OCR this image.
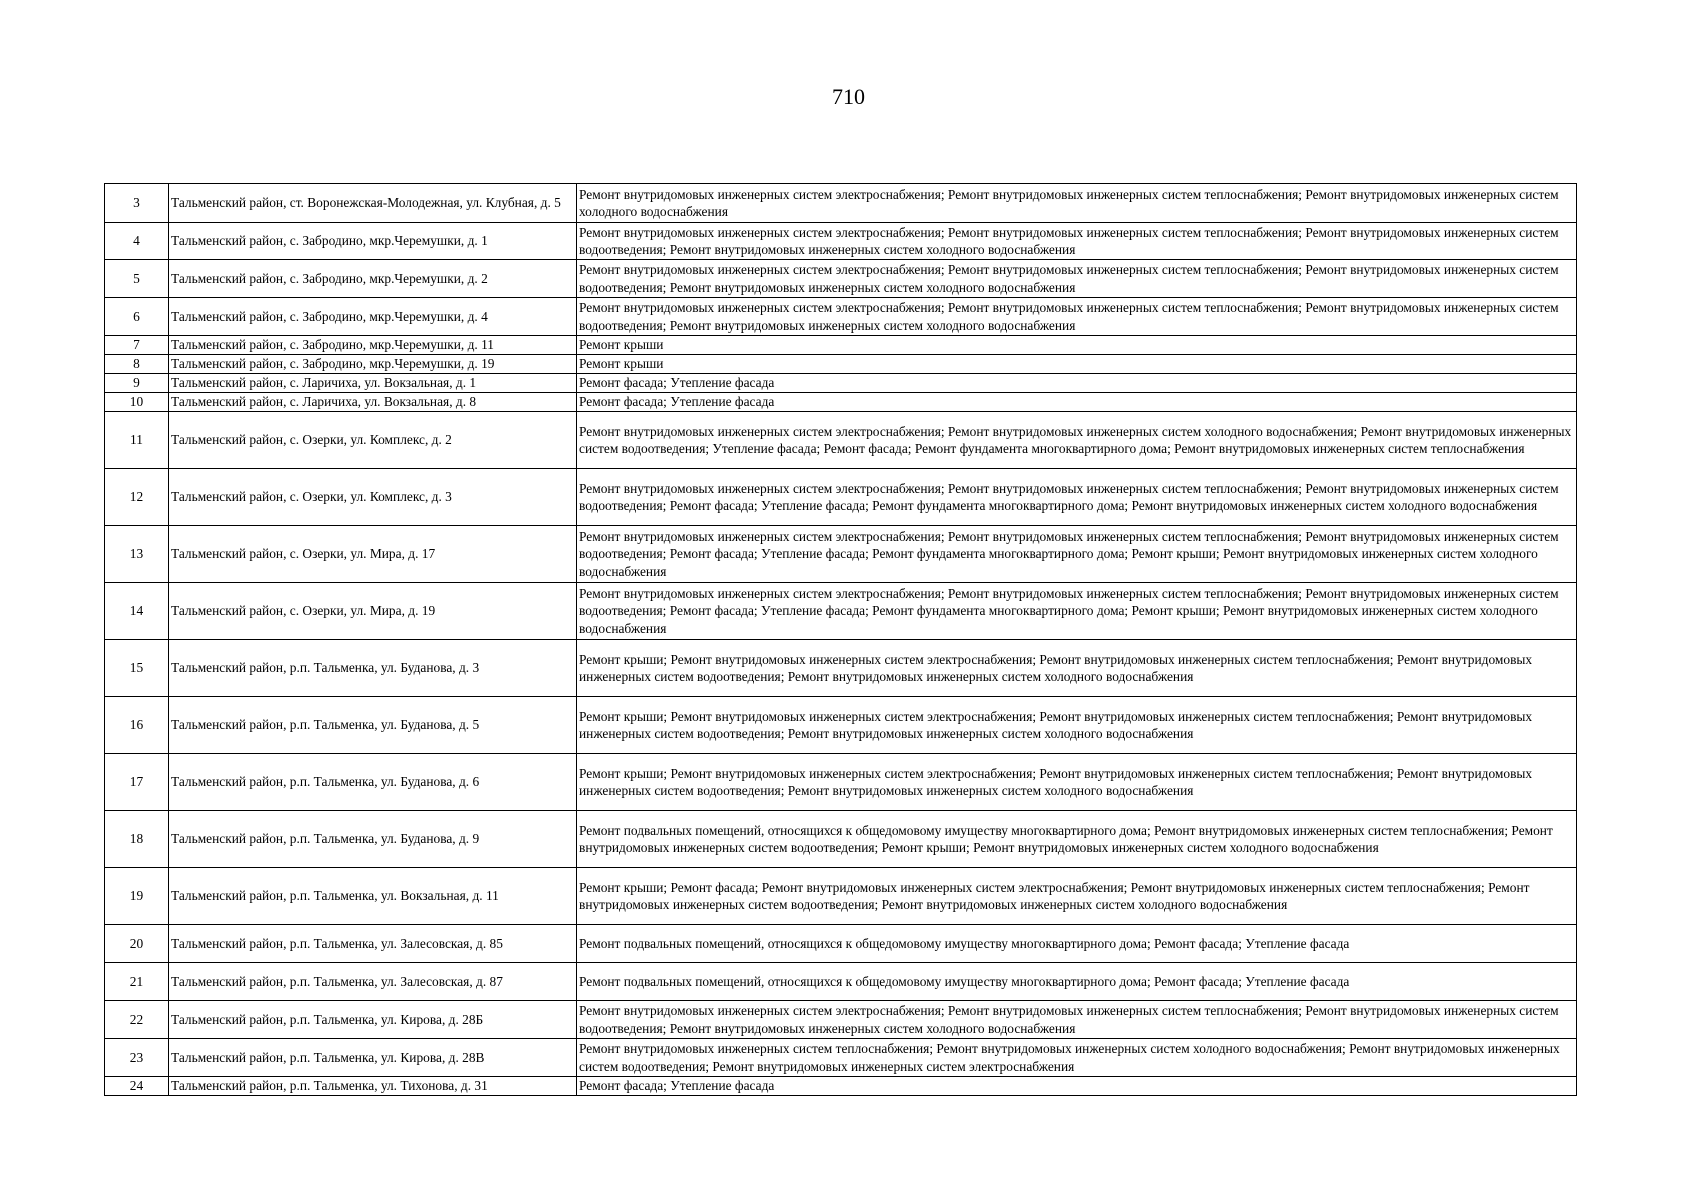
710
3	Тальменский район, ст. Воронежская-Молодежная, ул. Клубная, д. 5	Ремонт внутридомовых инженерных систем электроснабжения; Ремонт внутридомовых инженерных систем теплоснабжения; Ремонт внутридомовых инженерных систем холодного водоснабжения
4	Тальменский район, с. Забродино, мкр.Черемушки, д. 1	Ремонт внутридомовых инженерных систем электроснабжения; Ремонт внутридомовых инженерных систем теплоснабжения; Ремонт внутридомовых инженерных систем водоотведения; Ремонт внутридомовых инженерных систем холодного водоснабжения
5	Тальменский район, с. Забродино, мкр.Черемушки, д. 2	Ремонт внутридомовых инженерных систем электроснабжения; Ремонт внутридомовых инженерных систем теплоснабжения; Ремонт внутридомовых инженерных систем водоотведения; Ремонт внутридомовых инженерных систем холодного водоснабжения
6	Тальменский район, с. Забродино, мкр.Черемушки, д. 4	Ремонт внутридомовых инженерных систем электроснабжения; Ремонт внутридомовых инженерных систем теплоснабжения; Ремонт внутридомовых инженерных систем водоотведения; Ремонт внутридомовых инженерных систем холодного водоснабжения
7	Тальменский район, с. Забродино, мкр.Черемушки, д. 11	Ремонт крыши
8	Тальменский район, с. Забродино, мкр.Черемушки, д. 19	Ремонт крыши
9	Тальменский район, с. Ларичиха, ул. Вокзальная, д. 1	Ремонт фасада; Утепление фасада
10	Тальменский район, с. Ларичиха, ул. Вокзальная, д. 8	Ремонт фасада; Утепление фасада
11	Тальменский район, с. Озерки, ул. Комплекс, д. 2	Ремонт внутридомовых инженерных систем электроснабжения; Ремонт внутридомовых инженерных систем холодного водоснабжения; Ремонт внутридомовых инженерных систем водоотведения; Утепление фасада; Ремонт фасада; Ремонт фундамента многоквартирного дома; Ремонт внутридомовых инженерных систем теплоснабжения
12	Тальменский район, с. Озерки, ул. Комплекс, д. 3	Ремонт внутридомовых инженерных систем электроснабжения; Ремонт внутридомовых инженерных систем теплоснабжения; Ремонт внутридомовых инженерных систем водоотведения; Ремонт фасада; Утепление фасада; Ремонт фундамента многоквартирного дома; Ремонт внутридомовых инженерных систем холодного водоснабжения
13	Тальменский район, с. Озерки, ул. Мира, д. 17	Ремонт внутридомовых инженерных систем электроснабжения; Ремонт внутридомовых инженерных систем теплоснабжения; Ремонт внутридомовых инженерных систем водоотведения; Ремонт фасада; Утепление фасада; Ремонт фундамента многоквартирного дома; Ремонт крыши; Ремонт внутридомовых инженерных систем холодного водоснабжения
14	Тальменский район, с. Озерки, ул. Мира, д. 19	Ремонт внутридомовых инженерных систем электроснабжения; Ремонт внутридомовых инженерных систем теплоснабжения; Ремонт внутридомовых инженерных систем водоотведения; Ремонт фасада; Утепление фасада; Ремонт фундамента многоквартирного дома; Ремонт крыши; Ремонт внутридомовых инженерных систем холодного водоснабжения
15	Тальменский район, р.п. Тальменка, ул. Буданова, д. 3	Ремонт крыши; Ремонт внутридомовых инженерных систем электроснабжения; Ремонт внутридомовых инженерных систем теплоснабжения; Ремонт внутридомовых инженерных систем водоотведения; Ремонт внутридомовых инженерных систем холодного водоснабжения
16	Тальменский район, р.п. Тальменка, ул. Буданова, д. 5	Ремонт крыши; Ремонт внутридомовых инженерных систем электроснабжения; Ремонт внутридомовых инженерных систем теплоснабжения; Ремонт внутридомовых инженерных систем водоотведения; Ремонт внутридомовых инженерных систем холодного водоснабжения
17	Тальменский район, р.п. Тальменка, ул. Буданова, д. 6	Ремонт крыши; Ремонт внутридомовых инженерных систем электроснабжения; Ремонт внутридомовых инженерных систем теплоснабжения; Ремонт внутридомовых инженерных систем водоотведения; Ремонт внутридомовых инженерных систем холодного водоснабжения
18	Тальменский район, р.п. Тальменка, ул. Буданова, д. 9	Ремонт подвальных помещений, относящихся к общедомовому имуществу многоквартирного дома; Ремонт внутридомовых инженерных систем теплоснабжения; Ремонт внутридомовых инженерных систем водоотведения; Ремонт крыши; Ремонт внутридомовых инженерных систем холодного водоснабжения
19	Тальменский район, р.п. Тальменка, ул. Вокзальная, д. 11	Ремонт крыши; Ремонт фасада; Ремонт внутридомовых инженерных систем электроснабжения; Ремонт внутридомовых инженерных систем теплоснабжения; Ремонт внутридомовых инженерных систем водоотведения; Ремонт внутридомовых инженерных систем холодного водоснабжения
20	Тальменский район, р.п. Тальменка, ул. Залесовская, д. 85	Ремонт подвальных помещений, относящихся к общедомовому имуществу многоквартирного дома; Ремонт фасада; Утепление фасада
21	Тальменский район, р.п. Тальменка, ул. Залесовская, д. 87	Ремонт подвальных помещений, относящихся к общедомовому имуществу многоквартирного дома; Ремонт фасада; Утепление фасада
22	Тальменский район, р.п. Тальменка, ул. Кирова, д. 28Б	Ремонт внутридомовых инженерных систем электроснабжения; Ремонт внутридомовых инженерных систем теплоснабжения; Ремонт внутридомовых инженерных систем водоотведения; Ремонт внутридомовых инженерных систем холодного водоснабжения
23	Тальменский район, р.п. Тальменка, ул. Кирова, д. 28В	Ремонт внутридомовых инженерных систем теплоснабжения; Ремонт внутридомовых инженерных систем холодного водоснабжения; Ремонт внутридомовых инженерных систем водоотведения; Ремонт внутридомовых инженерных систем электроснабжения
24	Тальменский район, р.п. Тальменка, ул. Тихонова, д. 31	Ремонт фасада; Утепление фасада
